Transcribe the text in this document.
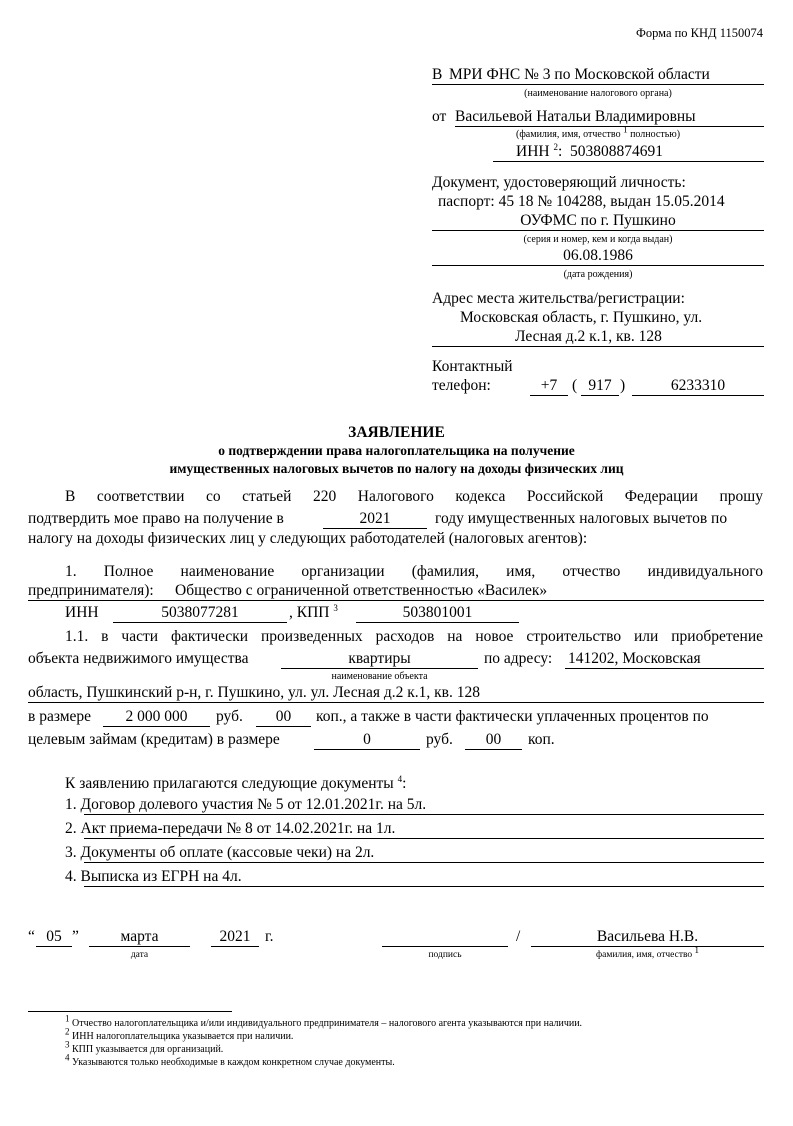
Форма по КНД 1150074
В МРИ ФНС № 3 по Московской области
(наименование налогового органа)
от Васильевой Натальи Владимировны
(фамилия, имя, отчество $^1$ полностью)
ИНН $^2$: 503808874691
Документ, удостоверяющий личность:
паспорт: 45 18 № 104288, выдан 15.05.2014
ОУФМС по г. Пушкино
(серия и номер, кем и когда выдан)
06.08.1986
(дата рождения)
Адрес места жительства/регистрации:
Московская область, г. Пушкино, ул.
Лесная д.2 к.1, кв. 128
Контактный
телефон:	+7 ( 917 )	6233310
ЗАЯВЛЕНИЕ
о подтверждении права налогоплательщика на получение
имущественных налоговых вычетов по налогу на доходы физических лиц
В соответствии со статьей 220 Налогового кодекса Российской Федерации прошу
подтвердить мое право на получение в	2021	году имущественных налоговых вычетов по
налогу на доходы физических лиц у следующих работодателей (налоговых агентов):
1. Полное наименование организации (фамилия, имя, отчество индивидуального
предпринимателя): Общество с ограниченной ответственностью «Василек»
ИНН	5038077281	, КПП $^3$	503801001
1.1. в части фактически произведенных расходов на новое строительство или приобретение
объекта недвижимого имущества	квартиры
наименование объекта
по адресу: 141202, Московская
область, Пушкинский р-н, г. Пушкино, ул. ул. Лесная д.2 к.1, кв. 128
в размере	2 000 000	руб.	00	коп., а также в части фактически уплаченных процентов по
целевым займам (кредитам) в размере	0	руб.	00	коп.
К заявлению прилагаются следующие документы $^4$:
1. Договор долевого участия № 5 от 12.01.2021г. на 5л.
2. Акт приема-передачи № 8 от 14.02.2021г. на 1л.
3. Документы об оплате (кассовые чеки) на 2л.
4. Выписка из ЕГРН на 4л.
“ 05 ”	марта	2021 г.
дата	подпись
/	Васильева Н.В.
фамилия, имя, отчество $^1$
$^1$ Отчество налогоплательщика и/или индивидуального предпринимателя – налогового агента указываются при наличии.
$^2$ ИНН налогоплательщика указывается при наличии.
$^3$ КПП указывается для организаций.
$^4$ Указываются только необходимые в каждом конкретном случае документы.
